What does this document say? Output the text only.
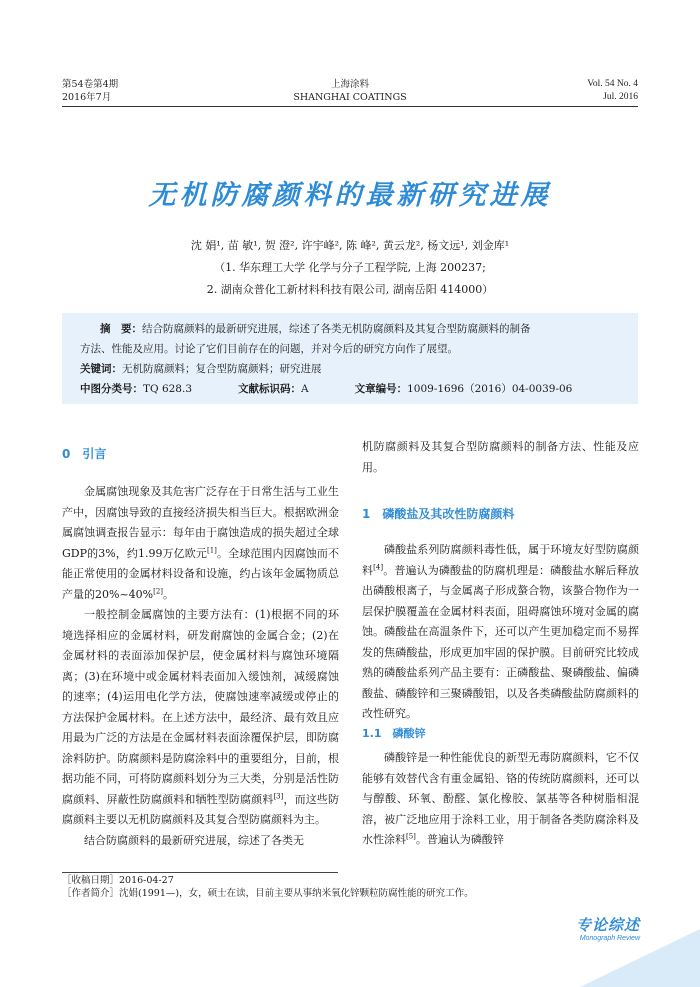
第54卷第4期
2016年7月
上海涂料
SHANGHAI COATINGS
Vol. 54 No. 4
Jul. 2016
无机防腐颜料的最新研究进展
沈 娟¹, 苗 敏¹, 贺 澄², 许宇峰², 陈 峰², 黄云龙², 杨文远¹, 刘金库¹
（1. 华东理工大学 化学与分子工程学院, 上海 200237;
2. 湖南众普化工新材料科技有限公司, 湖南岳阳 414000）
摘　要：结合防腐颜料的最新研究进展，综述了各类无机防腐颜料及其复合型防腐颜料的制备
方法、性能及应用。讨论了它们目前存在的问题，并对今后的研究方向作了展望。
关键词：无机防腐颜料；复合型防腐颜料；研究进展
中图分类号：TQ 628.3	文献标识码：A	文章编号：1009-1696（2016）04-0039-06
0　引言

金属腐蚀现象及其危害广泛存在于日常生活与工业生产中，因腐蚀导致的直接经济损失相当巨大。根据欧洲金属腐蚀调查报告显示：每年由于腐蚀造成的损失超过全球GDP的3%，约1.99万亿欧元[1]。全球范围内因腐蚀而不能正常使用的金属材料设备和设施，约占该年金属物质总产量的20%~40%[2]。

一般控制金属腐蚀的主要方法有：(1)根据不同的环境选择相应的金属材料，研发耐腐蚀的金属合金；(2)在金属材料的表面添加保护层，使金属材料与腐蚀环境隔离；(3)在环境中或金属材料表面加入缓蚀剂，减缓腐蚀的速率；(4)运用电化学方法，使腐蚀速率减缓或停止的方法保护金属材料。在上述方法中，最经济、最有效且应用最为广泛的方法是在金属材料表面涂覆保护层，即防腐涂料防护。防腐颜料是防腐涂料中的重要组分，目前，根据功能不同，可将防腐颜料划分为三大类，分别是活性防腐颜料、屏蔽性防腐颜料和牺牲型防腐颜料[3]，而这些防腐颜料主要以无机防腐颜料及其复合型防腐颜料为主。

结合防腐颜料的最新研究进展，综述了各类无

机防腐颜料及其复合型防腐颜料的制备方法、性能及应用。

1　磷酸盐及其改性防腐颜料

磷酸盐系列防腐颜料毒性低，属于环境友好型防腐颜料[4]。普遍认为磷酸盐的防腐机理是：磷酸盐水解后释放出磷酸根离子，与金属离子形成螯合物，该螯合物作为一层保护膜覆盖在金属材料表面，阻碍腐蚀环境对金属的腐蚀。磷酸盐在高温条件下，还可以产生更加稳定而不易挥发的焦磷酸盐，形成更加牢固的保护膜。目前研究比较成熟的磷酸盐系列产品主要有：正磷酸盐、聚磷酸盐、偏磷酸盐、磷酸锌和三聚磷酸铝，以及各类磷酸盐防腐颜料的改性研究。

1.1　磷酸锌

磷酸锌是一种性能优良的新型无毒防腐颜料，它不仅能够有效替代含有重金属铅、铬的传统防腐颜料，还可以与醇酸、环氧、酚醛、氯化橡胶、氯基等各种树脂相混溶，被广泛地应用于涂料工业，用于制备各类防腐涂料及水性涂料[5]。普遍认为磷酸锌

［收稿日期］2016-04-27
［作者简介］沈娟(1991—)，女，硕士在读，目前主要从事纳米氧化锌颗粒防腐性能的研究工作。
专论综述
Monograph Review
